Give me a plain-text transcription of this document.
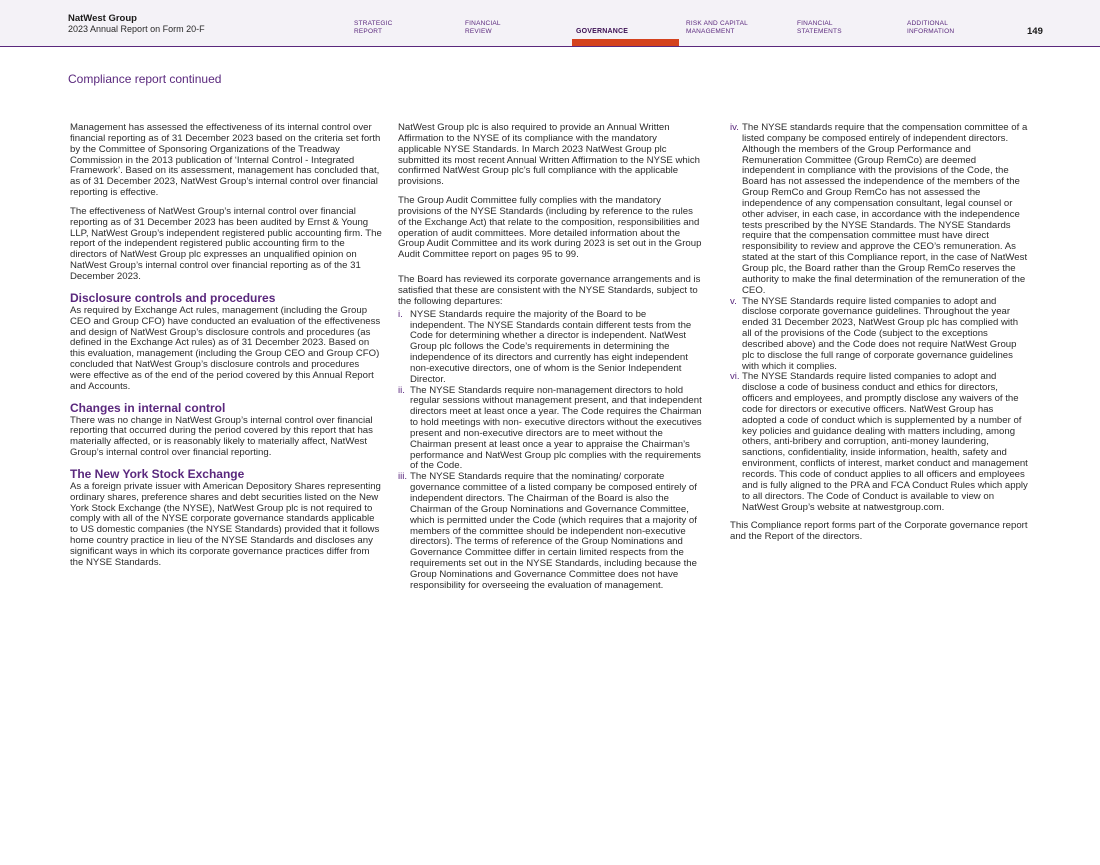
NatWest Group
2023 Annual Report on Form 20-F
STRATEGIC
REPORT
FINANCIAL
REVIEW	GOVERNANCE
RISK AND CAPITAL
MANAGEMENT
FINANCIAL
STATEMENTS
ADDITIONAL
INFORMATION	149
Compliance report continued

Management has assessed the effectiveness of its internal control over financial reporting as of 31 December 2023 based on the criteria set forth by the Committee of Sponsoring Organizations of the Treadway Commission in the 2013 publication of ‘Internal Control - Integrated Framework’. Based on its assessment, management has concluded that, as of 31 December 2023, NatWest Group’s internal control over financial reporting is effective.

The effectiveness of NatWest Group’s internal control over financial reporting as of 31 December 2023 has been audited by Ernst & Young LLP, NatWest Group’s independent registered public accounting firm. The report of the independent registered public accounting firm to the directors of NatWest Group plc expresses an unqualified opinion on NatWest Group’s internal control over financial reporting as of the 31 December 2023.

Disclosure controls and procedures

As required by Exchange Act rules, management (including the Group CEO and Group CFO) have conducted an evaluation of the effectiveness and design of NatWest Group’s disclosure controls and procedures (as defined in the Exchange Act rules) as of 31 December 2023. Based on this evaluation, management (including the Group CEO and Group CFO) concluded that NatWest Group’s disclosure controls and procedures were effective as of the end of the period covered by this Annual Report and Accounts.

Changes in internal control

There was no change in NatWest Group’s internal control over financial reporting that occurred during the period covered by this report that has materially affected, or is reasonably likely to materially affect, NatWest Group’s internal control over financial reporting.

The New York Stock Exchange

As a foreign private issuer with American Depository Shares representing ordinary shares, preference shares and debt securities listed on the New York Stock Exchange (the NYSE), NatWest Group plc is not required to comply with all of the NYSE corporate governance standards applicable to US domestic companies (the NYSE Standards) provided that it follows home country practice in lieu of the NYSE Standards and discloses any significant ways in which its corporate governance practices differ from the NYSE Standards.

NatWest Group plc is also required to provide an Annual Written Affirmation to the NYSE of its compliance with the mandatory applicable NYSE Standards. In March 2023 NatWest Group plc submitted its most recent Annual Written Affirmation to the NYSE which confirmed NatWest Group plc’s full compliance with the applicable provisions.

The Group Audit Committee fully complies with the mandatory provisions of the NYSE Standards (including by reference to the rules of the Exchange Act) that relate to the composition, responsibilities and operation of audit committees. More detailed information about the Group Audit Committee and its work during 2023 is set out in the Group Audit Committee report on pages 95 to 99.

The Board has reviewed its corporate governance arrangements and is satisfied that these are consistent with the NYSE Standards, subject to the following departures:

i. NYSE Standards require the majority of the Board to be independent. The NYSE Standards contain different tests from the Code for determining whether a director is independent. NatWest Group plc follows the Code’s requirements in determining the independence of its directors and currently has eight independent non-executive directors, one of whom is the Senior Independent Director.
ii. The NYSE Standards require non-management directors to hold regular sessions without management present, and that independent directors meet at least once a year. The Code requires the Chairman to hold meetings with non- executive directors without the executives present and non-executive directors are to meet without the Chairman present at least once a year to appraise the Chairman’s performance and NatWest Group plc complies with the requirements of the Code.
iii. The NYSE Standards require that the nominating/ corporate governance committee of a listed company be composed entirely of independent directors. The Chairman of the Board is also the Chairman of the Group Nominations and Governance Committee, which is permitted under the Code (which requires that a majority of members of the committee should be independent non-executive directors). The terms of reference of the Group Nominations and Governance Committee differ in certain limited respects from the requirements set out in the NYSE Standards, including because the Group Nominations and Governance Committee does not have responsibility for overseeing the evaluation of management.
iv. The NYSE standards require that the compensation committee of a listed company be composed entirely of independent directors. Although the members of the Group Performance and Remuneration Committee (Group RemCo) are deemed independent in compliance with the provisions of the Code, the Board has not assessed the independence of the members of the Group RemCo and Group RemCo has not assessed the independence of any compensation consultant, legal counsel or other adviser, in each case, in accordance with the independence tests prescribed by the NYSE Standards. The NYSE Standards require that the compensation committee must have direct responsibility to review and approve the CEO’s remuneration. As stated at the start of this Compliance report, in the case of NatWest Group plc, the Board rather than the Group RemCo reserves the authority to make the final determination of the remuneration of the CEO.
v. The NYSE Standards require listed companies to adopt and disclose corporate governance guidelines. Throughout the year ended 31 December 2023, NatWest Group plc has complied with all of the provisions of the Code (subject to the exceptions described above) and the Code does not require NatWest Group plc to disclose the full range of corporate governance guidelines with which it complies.
vi. The NYSE Standards require listed companies to adopt and disclose a code of business conduct and ethics for directors, officers and employees, and promptly disclose any waivers of the code for directors or executive officers. NatWest Group has adopted a code of conduct which is supplemented by a number of key policies and guidance dealing with matters including, among others, anti-bribery and corruption, anti-money laundering, sanctions, confidentiality, inside information, health, safety and environment, conflicts of interest, market conduct and management records. This code of conduct applies to all officers and employees and is fully aligned to the PRA and FCA Conduct Rules which apply to all directors. The Code of Conduct is available to view on NatWest Group’s website at natwestgroup.com.

This Compliance report forms part of the Corporate governance report and the Report of the directors.
